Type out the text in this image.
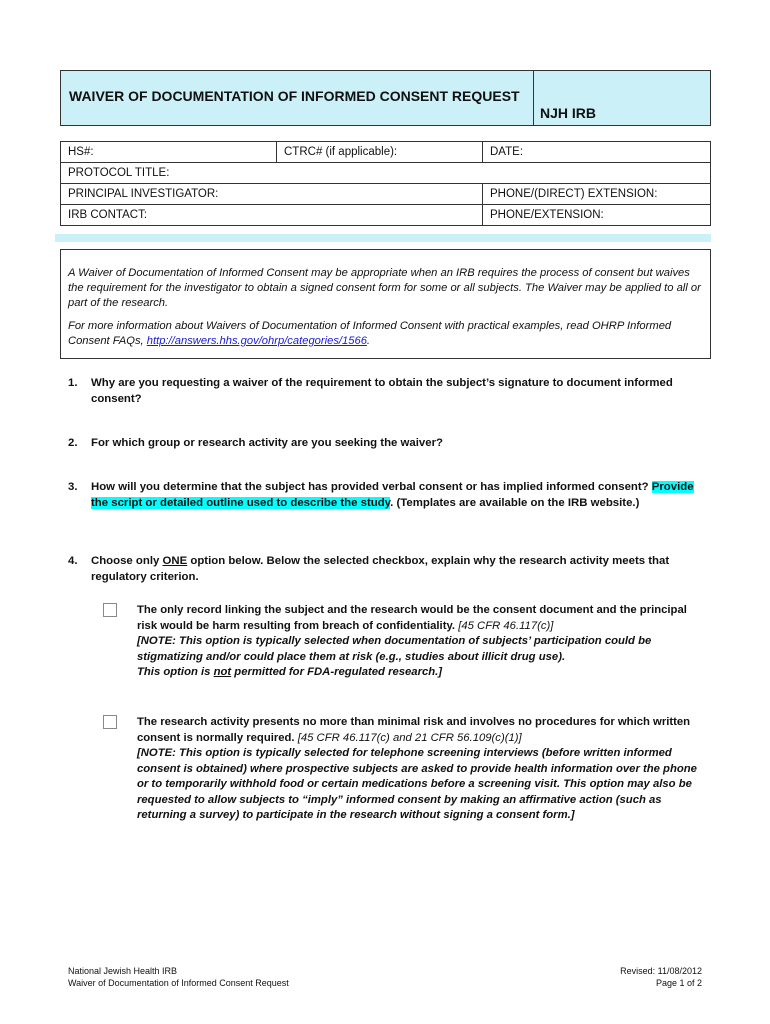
WAIVER OF DOCUMENTATION OF INFORMED CONSENT REQUEST
NJH IRB
HS#:	CTRC# (if applicable):	DATE:
PROTOCOL TITLE:		
PRINCIPAL INVESTIGATOR:		PHONE/(DIRECT) EXTENSION:
IRB CONTACT:		PHONE/EXTENSION:

A Waiver of Documentation of Informed Consent may be appropriate when an IRB requires the process of consent but waives the requirement for the investigator to obtain a signed consent form for some or all subjects. The Waiver may be applied to all or part of the research.

For more information about Waivers of Documentation of Informed Consent with practical examples, read OHRP Informed Consent FAQs, http://answers.hhs.gov/ohrp/categories/1566.

1. Why are you requesting a waiver of the requirement to obtain the subject’s signature to document informed consent?
2. For which group or research activity are you seeking the waiver?
3. How will you determine that the subject has provided verbal consent or has implied informed consent? Provide the script or detailed outline used to describe the study. (Templates are available on the IRB website.)
4. Choose only ONE option below. Below the selected checkbox, explain why the research activity meets that regulatory criterion.
The only record linking the subject and the research would be the consent document and the principal risk would be harm resulting from breach of confidentiality. [45 CFR 46.117(c)]
[NOTE: This option is typically selected when documentation of subjects’ participation could be stigmatizing and/or could place them at risk (e.g., studies about illicit drug use).
This option is not permitted for FDA-regulated research.]
The research activity presents no more than minimal risk and involves no procedures for which written consent is normally required. [45 CFR 46.117(c) and 21 CFR 56.109(c)(1)]
[NOTE: This option is typically selected for telephone screening interviews (before written informed consent is obtained) where prospective subjects are asked to provide health information over the phone or to temporarily withhold food or certain medications before a screening visit. This option may also be requested to allow subjects to “imply” informed consent by making an affirmative action (such as returning a survey) to participate in the research without signing a consent form.]
National Jewish Health IRB
Waiver of Documentation of Informed Consent Request
Revised: 11/08/2012
Page 1 of 2
